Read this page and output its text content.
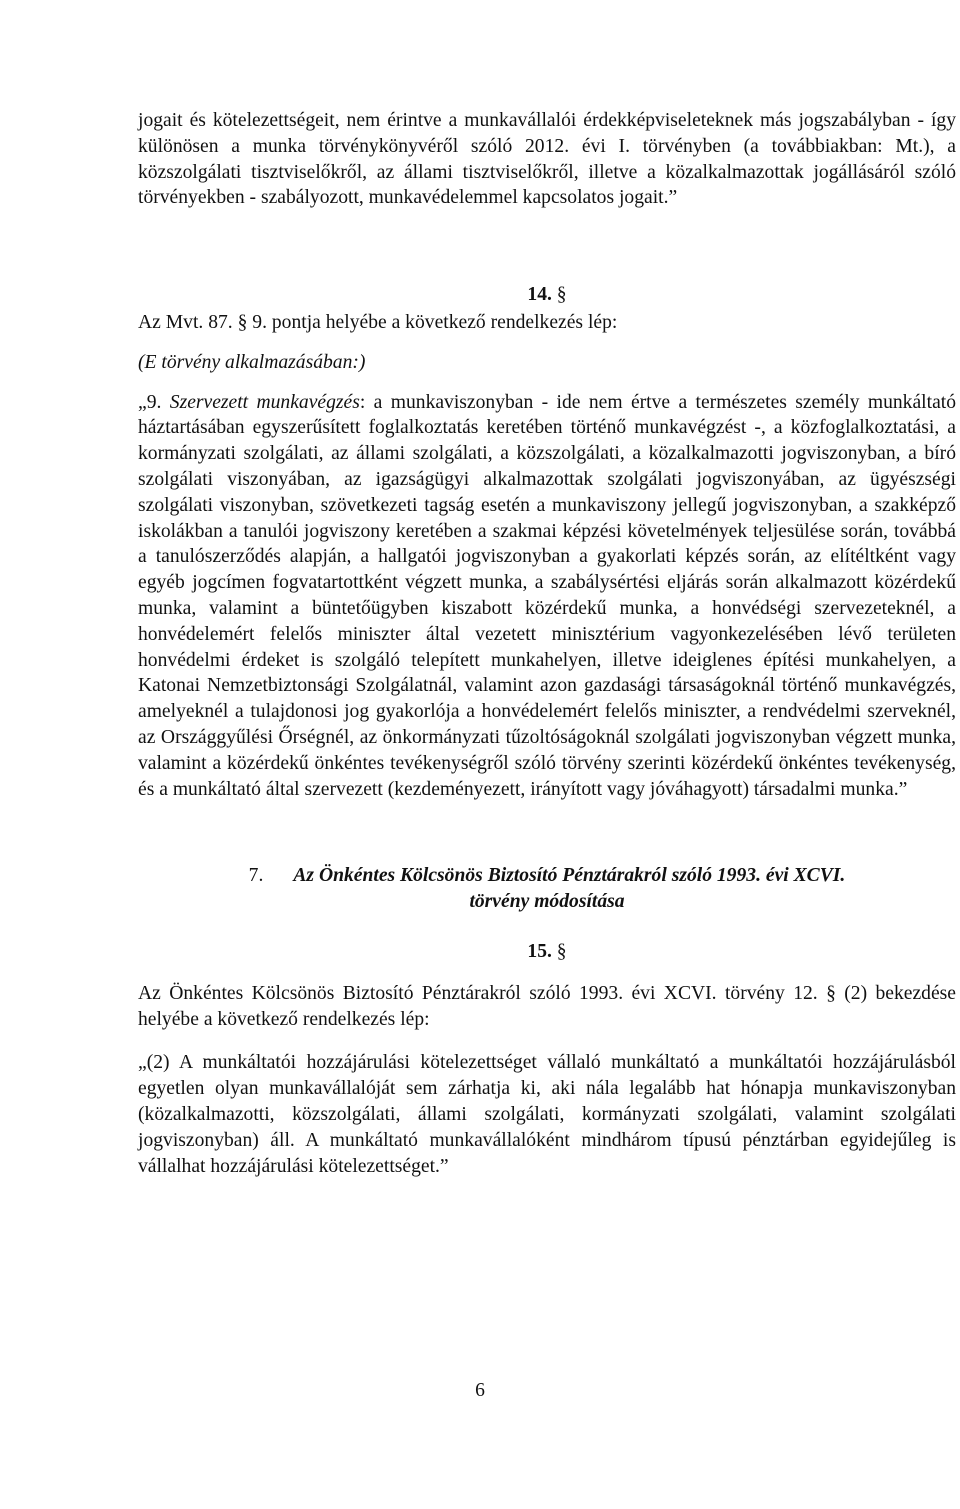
jogait és kötelezettségeit, nem érintve a munkavállalói érdekképviseleteknek más jogszabályban - így különösen a munka törvénykönyvéről szóló 2012. évi I. törvényben (a továbbiakban: Mt.), a közszolgálati tisztviselőkről, az állami tisztviselőkről, illetve a közalkalmazottak jogállásáról szóló törvényekben - szabályozott, munkavédelemmel kapcsolatos jogait.”

14. §

Az Mvt. 87. § 9. pontja helyébe a következő rendelkezés lép:

(E törvény alkalmazásában:)

„9. Szervezett munkavégzés: a munkaviszonyban - ide nem értve a természetes személy munkáltató háztartásában egyszerűsített foglalkoztatás keretében történő munkavégzést -, a közfoglalkoztatási, a kormányzati szolgálati, az állami szolgálati, a közszolgálati, a közalkalmazotti jogviszonyban, a bíró szolgálati viszonyában, az igazságügyi alkalmazottak szolgálati jogviszonyában, az ügyészségi szolgálati viszonyban, szövetkezeti tagság esetén a munkaviszony jellegű jogviszonyban, a szakképző iskolákban a tanulói jogviszony keretében a szakmai képzési követelmények teljesülése során, továbbá a tanulószerződés alapján, a hallgatói jogviszonyban a gyakorlati képzés során, az elítéltként vagy egyéb jogcímen fogvatartottként végzett munka, a szabálysértési eljárás során alkalmazott közérdekű munka, valamint a büntetőügyben kiszabott közérdekű munka, a honvédségi szervezeteknél, a honvédelemért felelős miniszter által vezetett minisztérium vagyonkezelésében lévő területen honvédelmi érdeket is szolgáló telepített munkahelyen, illetve ideiglenes építési munkahelyen, a Katonai Nemzetbiztonsági Szolgálatnál, valamint azon gazdasági társaságoknál történő munkavégzés, amelyeknél a tulajdonosi jog gyakorlója a honvédelemért felelős miniszter, a rendvédelmi szerveknél, az Országgyűlési Őrségnél, az önkormányzati tűzoltóságoknál szolgálati jogviszonyban végzett munka, valamint a közérdekű önkéntes tevékenységről szóló törvény szerinti közérdekű önkéntes tevékenység, és a munkáltató által szervezett (kezdeményezett, irányított vagy jóváhagyott) társadalmi munka.”

7. Az Önkéntes Kölcsönös Biztosító Pénztárakról szóló 1993. évi XCVI.
törvény módosítása
15. §

Az Önkéntes Kölcsönös Biztosító Pénztárakról szóló 1993. évi XCVI. törvény 12. § (2) bekezdése helyébe a következő rendelkezés lép:

„(2) A munkáltatói hozzájárulási kötelezettséget vállaló munkáltató a munkáltatói hozzájárulásból egyetlen olyan munkavállalóját sem zárhatja ki, aki nála legalább hat hónapja munkaviszonyban (közalkalmazotti, közszolgálati, állami szolgálati, kormányzati szolgálati, valamint szolgálati jogviszonyban) áll. A munkáltató munkavállalóként mindhárom típusú pénztárban egyidejűleg is vállalhat hozzájárulási kötelezettséget.”

6
